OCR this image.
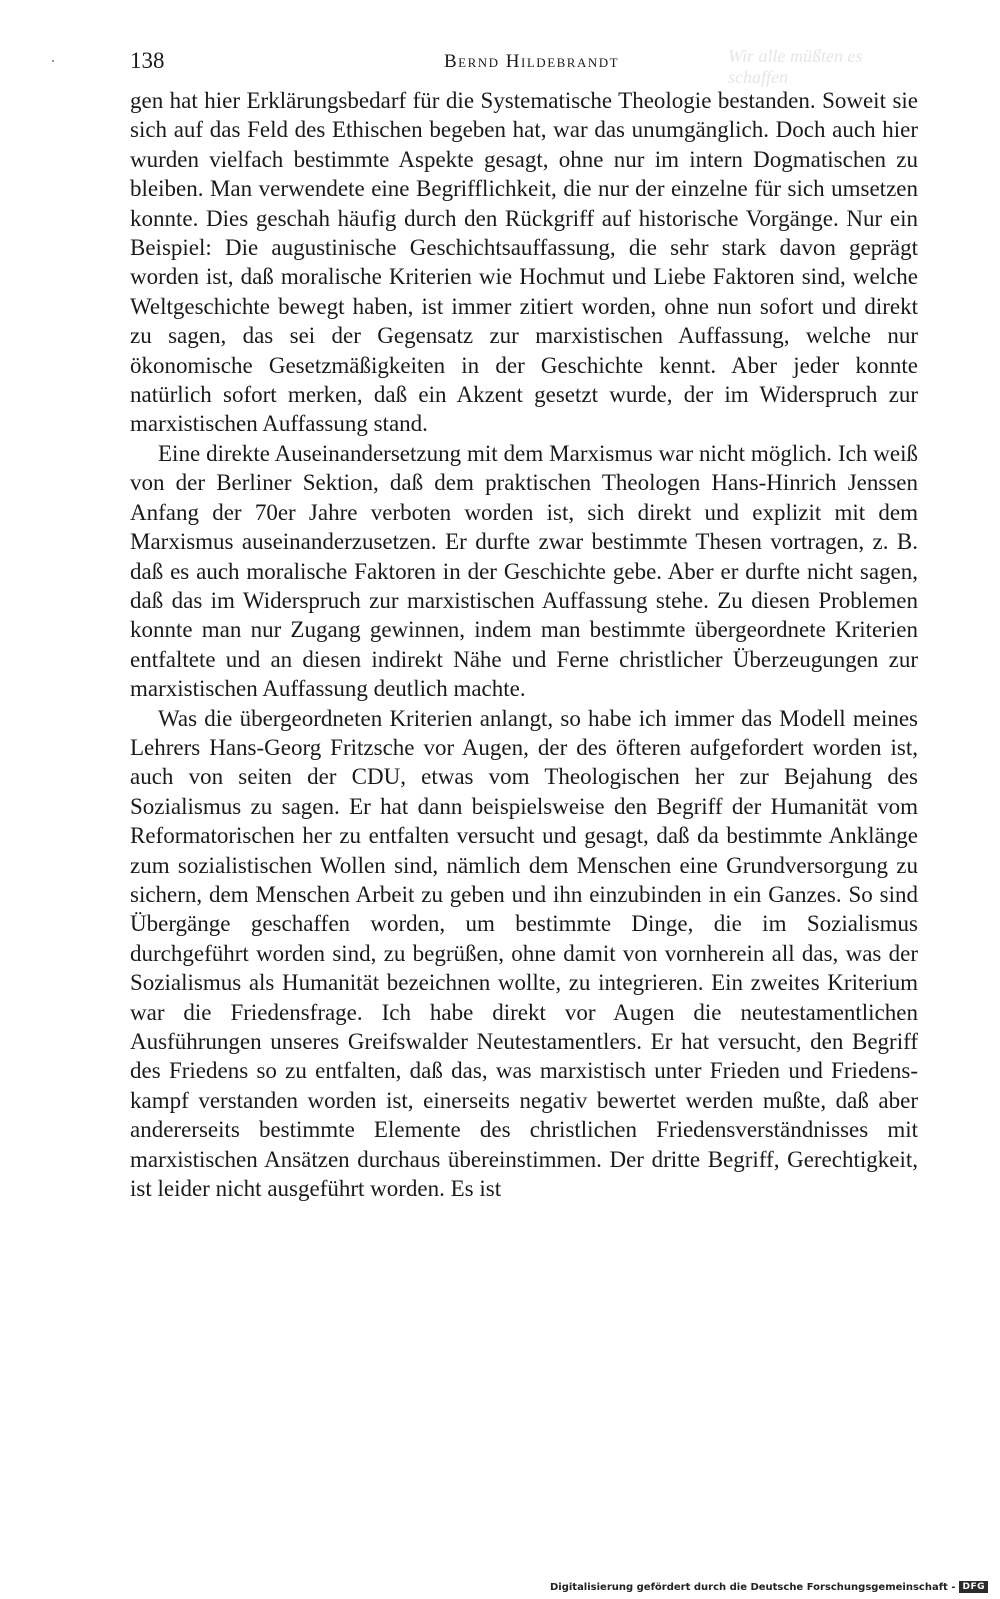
138	Bernd Hildebrandt	Wir alle müßten es schaffen

gen hat hier Erklärungsbedarf für die Systematische Theologie bestanden. Soweit sie sich auf das Feld des Ethischen begeben hat, war das unumgänglich. Doch auch hier wurden vielfach bestimmte Aspekte gesagt, ohne nur im intern Dogmatischen zu bleiben. Man verwendete eine Begrifflichkeit, die nur der einzelne für sich umsetzen konnte. Dies geschah häufig durch den Rückgriff auf historische Vorgänge. Nur ein Beispiel: Die augustinische Geschichtsauffassung, die sehr stark davon geprägt worden ist, daß moralische Kriterien wie Hochmut und Liebe Faktoren sind, welche Weltgeschichte bewegt haben, ist immer zitiert worden, ohne nun sofort und direkt zu sagen, das sei der Gegensatz zur marxistischen Auffassung, welche nur ökonomische Gesetzmäßigkeiten in der Geschichte kennt. Aber jeder konnte natürlich sofort merken, daß ein Akzent gesetzt wurde, der im Widerspruch zur marxistischen Auffassung stand.

Eine direkte Auseinandersetzung mit dem Marxismus war nicht möglich. Ich weiß von der Berliner Sektion, daß dem praktischen Theologen Hans-Hinrich Jenssen Anfang der 70er Jahre verboten worden ist, sich direkt und explizit mit dem Marxismus auseinanderzusetzen. Er durfte zwar bestimmte Thesen vortragen, z. B. daß es auch moralische Faktoren in der Geschichte gebe. Aber er durfte nicht sagen, daß das im Widerspruch zur marxistischen Auffassung stehe. Zu diesen Problemen konnte man nur Zugang gewinnen, indem man bestimmte übergeordnete Kriterien entfaltete und an diesen indirekt Nähe und Ferne christlicher Überzeugungen zur marxistischen Auffassung deutlich machte.

Was die übergeordneten Kriterien anlangt, so habe ich immer das Modell meines Lehrers Hans-Georg Fritzsche vor Augen, der des öfteren aufgefordert worden ist, auch von seiten der CDU, etwas vom Theologischen her zur Bejahung des Sozialismus zu sagen. Er hat dann beispielsweise den Begriff der Humanität vom Reformatorischen her zu entfalten versucht und gesagt, daß da bestimmte Anklänge zum sozialistischen Wollen sind, nämlich dem Menschen eine Grundversorgung zu sichern, dem Menschen Arbeit zu geben und ihn einzubinden in ein Ganzes. So sind Übergänge geschaffen worden, um bestimmte Dinge, die im Sozialismus durchgeführt worden sind, zu begrüßen, ohne damit von vornherein all das, was der Sozialismus als Humanität bezeichnen wollte, zu integrieren. Ein zweites Kriterium war die Friedensfrage. Ich habe direkt vor Augen die neutestamentlichen Ausführungen unseres Greifswalder Neutestamentlers. Er hat versucht, den Begriff des Friedens so zu entfalten, daß das, was marxistisch unter Frieden und Friedenskampf verstanden worden ist, einerseits negativ bewertet werden mußte, daß aber andererseits bestimmte Elemente des christlichen Friedensverständnisses mit marxistischen Ansätzen durchaus übereinstimmen. Der dritte Begriff, Gerechtigkeit, ist leider nicht ausgeführt worden. Es ist

Digitalisierung gefördert durch die Deutsche Forschungsgemeinschaft - DFG
